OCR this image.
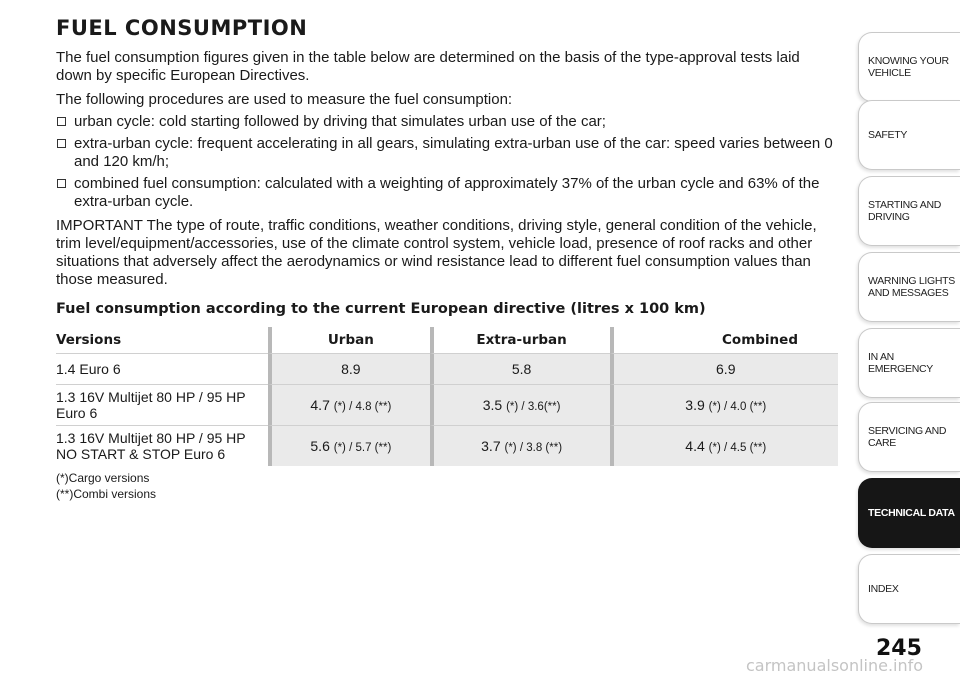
FUEL CONSUMPTION

The fuel consumption figures given in the table below are determined on the basis of the type-approval tests laid down by specific European Directives.

The following procedures are used to measure the fuel consumption:

urban cycle: cold starting followed by driving that simulates urban use of the car;
extra-urban cycle: frequent accelerating in all gears, simulating extra-urban use of the car: speed varies between 0 and 120 km/h;
combined fuel consumption: calculated with a weighting of approximately 37% of the urban cycle and 63% of the extra-urban cycle.

IMPORTANT The type of route, traffic conditions, weather conditions, driving style, general condition of the vehicle, trim level/equipment/accessories, use of the climate control system, vehicle load, presence of roof racks and other situations that adversely affect the aerodynamics or wind resistance lead to different fuel consumption values than those measured.

Fuel consumption according to the current European directive (litres x 100 km)
Versions	Urban	Extra-urban	Combined
1.4 Euro 6	8.9	5.8	6.9
1.3 16V Multijet 80 HP / 95 HP Euro 6	4.7 (*) / 4.8 (**)	3.5 (*) / 3.6(**)	3.9 (*) / 4.0 (**)
1.3 16V Multijet 80 HP / 95 HP NO START & STOP Euro 6	5.6 (*) / 5.7 (**)	3.7 (*) / 3.8 (**)	4.4 (*) / 4.5 (**)
(*)Cargo versions
(**)Combi versions
KNOWING YOUR VEHICLE
SAFETY
STARTING AND DRIVING
WARNING LIGHTS AND MESSAGES
IN AN EMERGENCY
SERVICING AND CARE
TECHNICAL DATA
INDEX
245
carmanualsonline.info
